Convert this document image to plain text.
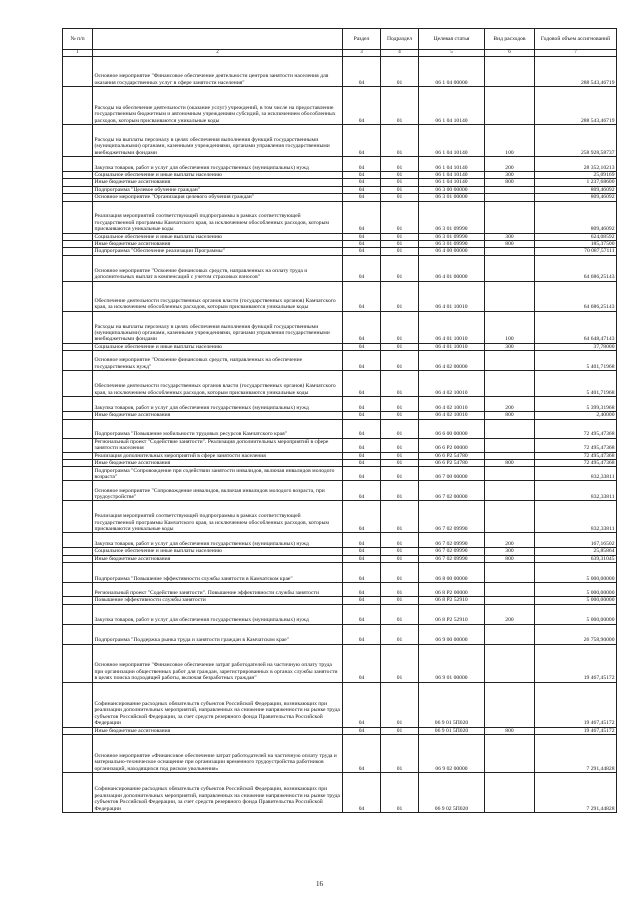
№ п/п		Раздел	Подраздел	Целевая статья	Вид расходов	Годовой объем ассигнований
1	2	3	4	5	6	7
	Основное мероприятие "Финансовое обеспечение деятельности центров занятости населения для оказания государственных услуг в сфере занятости населения"	04	01	06 1 04 00000		288 543,46719
	Расходы на обеспечение деятельности (оказание услуг) учреждений, в том числе на предоставление государственным бюджетным и автономным учреждениям субсидий, за исключением обособленных расходов, которым присваиваются уникальные коды	04	01	06 1 04 10140		288 543,46719
	Расходы на выплаты персоналу в целях обеспечения выполнения функций государственными (муниципальными) органами, казенными учреждениями, органами управления государственными внебюджетными фондами	04	01	06 1 04 10140	100	258 928,58737
	Закупка товаров, работ и услуг для обеспечения государственных (муниципальных) нужд	04	01	06 1 04 10140	200	28 352,10213
	Социальное обеспечение и иные выплаты населению	04	01	06 1 04 10140	300	25,09169
	Иные бюджетные ассигнования	04	01	06 1 04 10140	800	1 237,68600
	Подпрограмма "Целевое обучение граждан"	04	01	06 3 00 00000		809,46092
	Основное мероприятие "Организация целевого обучения граждан"	04	01	06 3 01 00000		809,46092
	Реализация мероприятий соответствующей подпрограммы в рамках соответствующей государственной программы Камчатского края, за исключением обособленных расходов, которым присваиваются уникальные коды	04	01	06 3 01 09990		809,46092
	Социальное обеспечение и иные выплаты населению	04	01	06 3 01 09990	300	624,08592
	Иные бюджетные ассигнования	04	01	06 3 01 09990	800	185,37500
	Подпрограмма "Обеспечение реализации Программы"	04	01	06 4 00 00000		70 087,57111
	Основное мероприятие "Освоение финансовых средств, направленных на оплату труда и дополнительных выплат в компенсаций с учетом страховых взносов"	04	01	06 4 01 00000		64 686,25143
	Обеспечение деятельности государственных органов власти (государственных органов) Камчатского края, за исключением обособленных расходов, которым присваиваются уникальные коды	04	01	06 4 01 10010		64 686,25143
	Расходы на выплаты персоналу в целях обеспечения выполнения функций государственными (муниципальными) органами, казенными учреждениями, органами управления государственными внебюджетными фондами	04	01	06 4 01 10010	100	64 648,47143
	Социальное обеспечение и иные выплаты населению	04	01	06 4 01 10010	300	37,78000
	Основное мероприятие "Освоение финансовых средств, направленных на обеспечение государственных нужд"	04	01	06 4 02 00000		5 401,71968
	Обеспечение деятельности государственных органов власти (государственных органов) Камчатского края, за исключением обособленных расходов, которым присваиваются уникальные коды	04	01	06 4 02 10010		5 401,71968
	Закупка товаров, работ и услуг для обеспечения государственных (муниципальных) нужд	04	01	06 4 02 10010	200	5 399,31968
	Иные бюджетные ассигнования	04	01	06 4 02 10010	800	2,40000
	Подпрограмма "Повышение мобильности трудовых ресурсов Камчатского края"	04	01	06 6 00 00000		72 495,47368
	Региональный проект "Содействие занятости". Реализация дополнительных мероприятий в сфере занятости населения	04	01	06 6 P2 00000		72 495,47368
	Реализация дополнительных мероприятий в сфере занятости населения	04	01	06 6 P2 54780		72 495,47368
	Иные бюджетные ассигнования	04	01	06 6 P2 54780	800	72 495,47368
	Подпрограмма "Сопровождение при содействии занятости инвалидов, включая инвалидов молодого возраста"	04	01	06 7 00 00000		832,33811
	Основное мероприятие "Сопровождение инвалидов, включая инвалидов молодого возраста, при трудоустройстве"	04	01	06 7 02 00000		832,33811
	Реализация мероприятий соответствующей подпрограммы в рамках соответствующей государственной программы Камчатского края, за исключением обособленных расходов, которым присваиваются уникальные коды	04	01	06 7 02 09990		832,33811
	Закупка товаров, работ и услуг для обеспечения государственных (муниципальных) нужд	04	01	06 7 02 09990	200	167,16502
	Социальное обеспечение и иные выплаты населению	04	01	06 7 02 09990	300	25,85864
	Иные бюджетные ассигнования	04	01	06 7 02 09990	800	639,31045
	Подпрограмма "Повышение эффективности службы занятости в Камчатском крае"	04	01	06 8 00 00000		5 000,00000
	Региональный проект "Содействие занятости". Повышение эффективности службы занятости	04	01	06 8 P2 00000		5 000,00000
	Повышение эффективности службы занятости	04	01	06 8 P2 52910		5 000,00000
	Закупка товаров, работ и услуг для обеспечения государственных (муниципальных) нужд	04	01	06 8 P2 52910	200	5 000,00000
	Подпрограмма "Поддержка рынка труда и занятости граждан в Камчатском крае"	04	01	06 9 00 00000		26 758,90000
	Основное мероприятие "Финансовое обеспечение затрат работодателей на частичную оплату труда при организации общественных работ для граждан, зарегистрированных в органах службы занятости в целях поиска подходящей работы, включая безработных граждан"	04	01	06 9 01 00000		19 467,45172
	Софинансирование расходных обязательств субъектов Российской Федерации, возникающих при реализации дополнительных мероприятий, направленных на снижение напряженности на рынке труда субъектов Российской Федерации, за счет средств резервного фонда Правительства Российской Федерации	04	01	06 9 01 5П020		19 467,45172
	Иные бюджетные ассигнования	04	01	06 9 01 5П020	800	19 467,45172
	Основное мероприятие «Финансовое обеспечение затрат работодателей на частичную оплату труда и материально-техническое оснащение при организации временного трудоустройства работников организаций, находящихся под риском увольнения»	04	01	06 9 02 00000		7 291,44828
	Софинансирование расходных обязательств субъектов Российской Федерации, возникающих при реализации дополнительных мероприятий, направленных на снижение напряженности на рынке труда субъектов Российской Федерации, за счет средств резервного фонда Правительства Российской Федерации	04	01	06 9 02 5П020		7 291,44828
16
